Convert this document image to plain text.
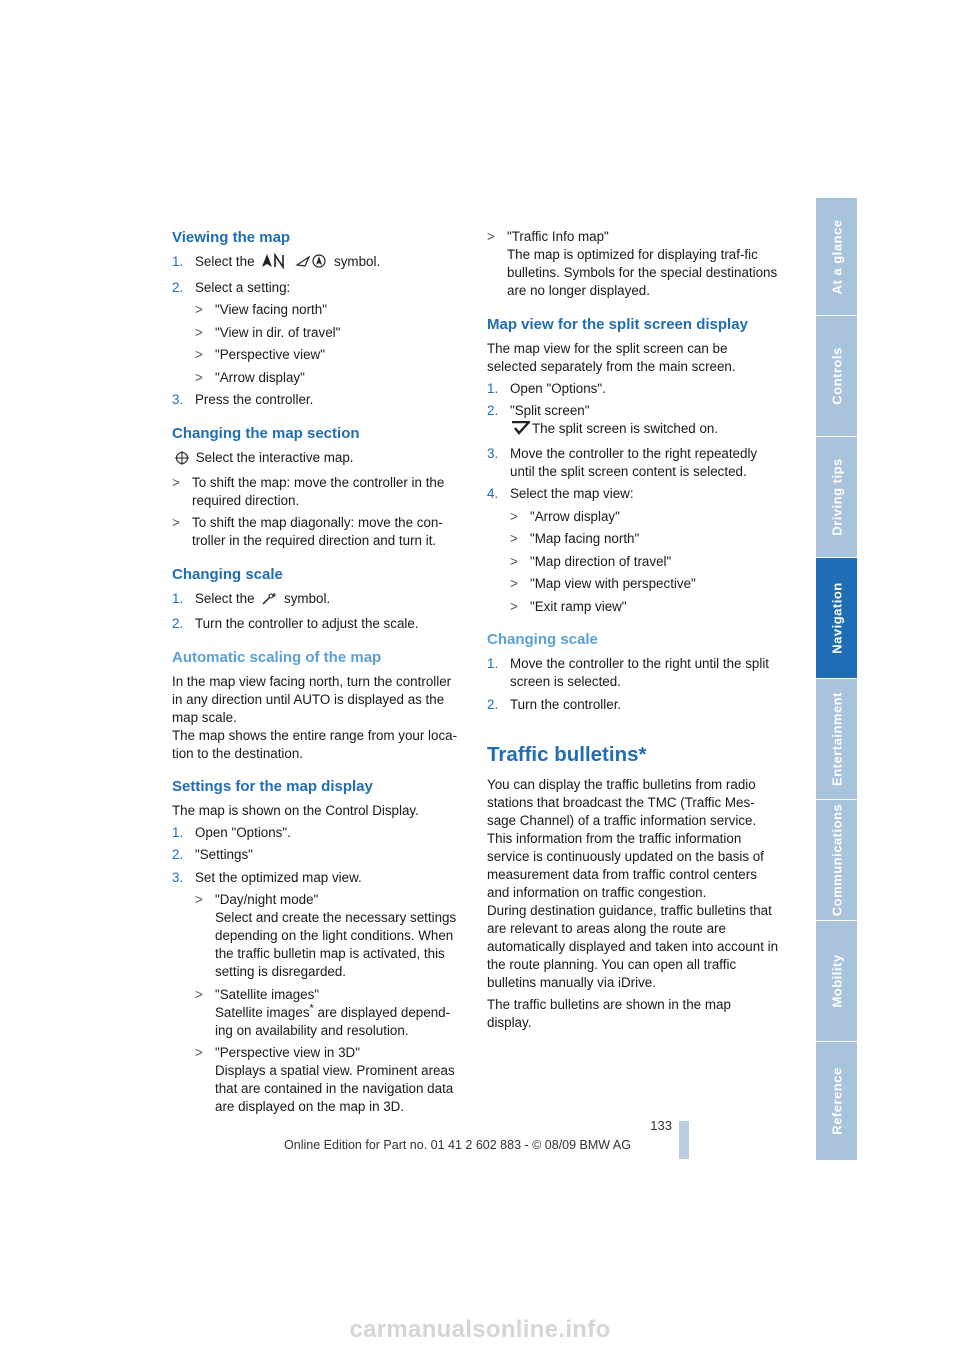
Viewing the map
1. Select the	symbol.
2. Select a setting:
> "View facing north"
> "View in dir. of travel"
> "Perspective view"
> "Arrow display"
3. Press the controller.
Changing the map section

Select the interactive map.

> To shift the map: move the controller in the required direction.
> To shift the map diagonally: move the con-troller in the required direction and turn it.
Changing scale
1. Select the symbol.
2. Turn the controller to adjust the scale.
Automatic scaling of the map

In the map view facing north, turn the controller in any direction until AUTO is displayed as the map scale.

The map shows the entire range from your loca-tion to the destination.

Settings for the map display

The map is shown on the Control Display.

1. Open "Options".
2. "Settings"
3. Set the optimized map view.
> "Day/night mode"
Select and create the necessary settings depending on the light conditions. When the traffic bulletin map is activated, this setting is disregarded.
> "Satellite images"
Satellite images* are displayed depend-ing on availability and resolution.
> "Perspective view in 3D"
Displays a spatial view. Prominent areas that are contained in the navigation data are displayed on the map in 3D.
> "Traffic Info map"
The map is optimized for displaying traf-fic bulletins. Symbols for the special destinations are no longer displayed.
Map view for the split screen display

The map view for the split screen can be selected separately from the main screen.

1. Open "Options".
2. "Split screen"
The split screen is switched on.
3. Move the controller to the right repeatedly until the split screen content is selected.
4. Select the map view:
> "Arrow display"
> "Map facing north"
> "Map direction of travel"
> "Map view with perspective"
> "Exit ramp view"
Changing scale
1. Move the controller to the right until the split screen is selected.
2. Turn the controller.
Traffic bulletins*

You can display the traffic bulletins from radio stations that broadcast the TMC (Traffic Mes-sage Channel) of a traffic information service. This information from the traffic information service is continuously updated on the basis of measurement data from traffic control centers and information on traffic congestion.

During destination guidance, traffic bulletins that are relevant to areas along the route are automatically displayed and taken into account in the route planning. You can open all traffic bulletins manually via iDrive.

The traffic bulletins are shown in the map display.

At a glance
Controls
Driving tips
Navigation
Entertainment
Communications
Mobility
Reference
133
Online Edition for Part no. 01 41 2 602 883 - © 08/09 BMW AG
carmanualsonline.info
